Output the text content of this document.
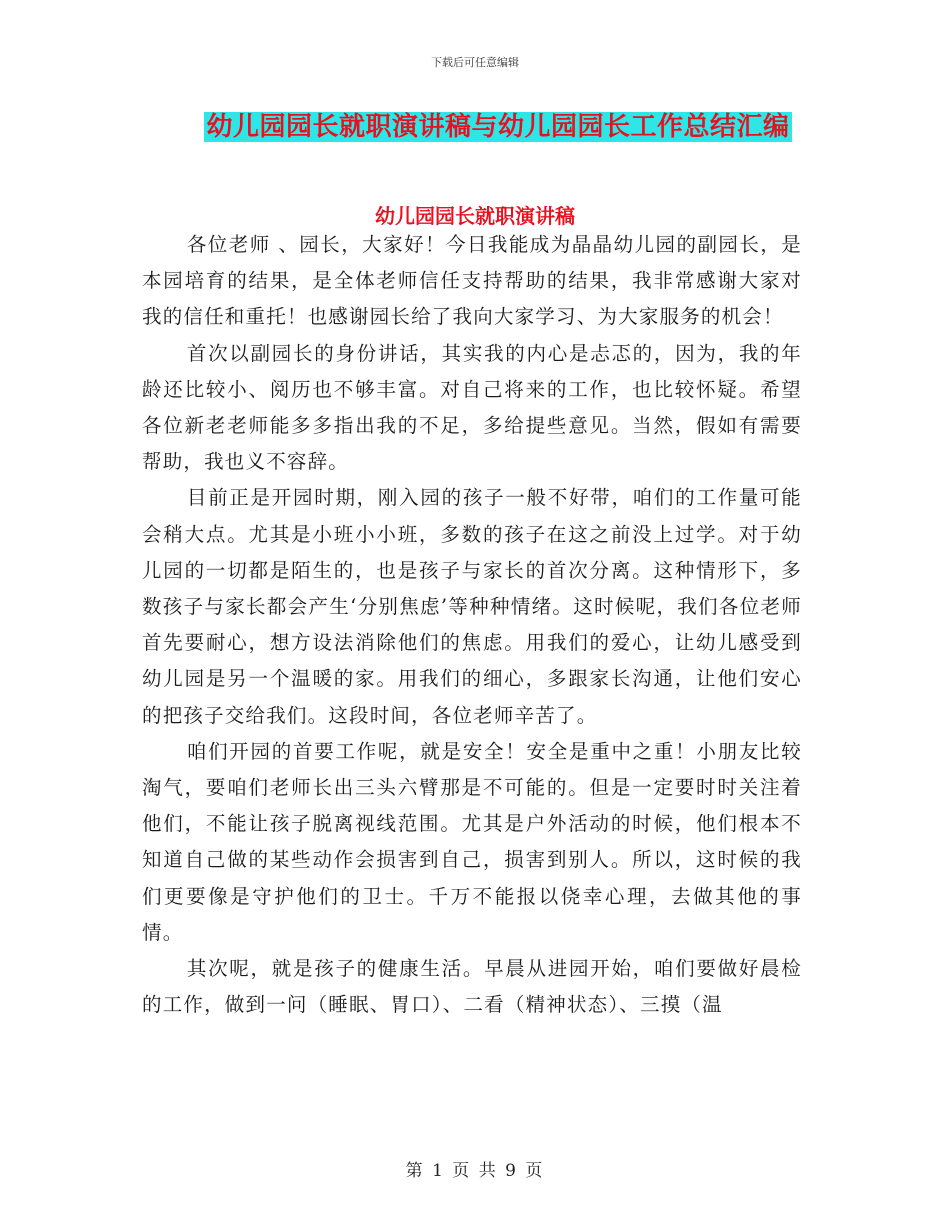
下载后可任意编辑
幼儿园园长就职演讲稿与幼儿园园长工作总结汇编
幼儿园园长就职演讲稿

各位老师 、园长，大家好！今日我能成为晶晶幼儿园的副园长，是本园培育的结果，是全体老师信任支持帮助的结果，我非常感谢大家对我的信任和重托！也感谢园长给了我向大家学习、为大家服务的机会！

首次以副园长的身份讲话，其实我的内心是忐忑的，因为，我的年龄还比较小、阅历也不够丰富。对自己将来的工作，也比较怀疑。希望各位新老老师能多多指出我的不足，多给提些意见。当然，假如有需要帮助，我也义不容辞。

目前正是开园时期，刚入园的孩子一般不好带，咱们的工作量可能会稍大点。尤其是小班小小班，多数的孩子在这之前没上过学。对于幼儿园的一切都是陌生的，也是孩子与家长的首次分离。这种情形下，多数孩子与家长都会产生‘分别焦虑’等种种情绪。这时候呢，我们各位老师首先要耐心，想方设法消除他们的焦虑。用我们的爱心，让幼儿感受到幼儿园是另一个温暖的家。用我们的细心，多跟家长沟通，让他们安心的把孩子交给我们。这段时间，各位老师辛苦了。

咱们开园的首要工作呢，就是安全！安全是重中之重！小朋友比较淘气，要咱们老师长出三头六臂那是不可能的。但是一定要时时关注着他们，不能让孩子脱离视线范围。尤其是户外活动的时候，他们根本不知道自己做的某些动作会损害到自己，损害到别人。所以，这时候的我们更要像是守护他们的卫士。千万不能报以侥幸心理，去做其他的事情。

其次呢，就是孩子的健康生活。早晨从进园开始，咱们要做好晨检的工作，做到一问（睡眠、胃口）、二看（精神状态）、三摸（温

第 1 页 共 9 页
